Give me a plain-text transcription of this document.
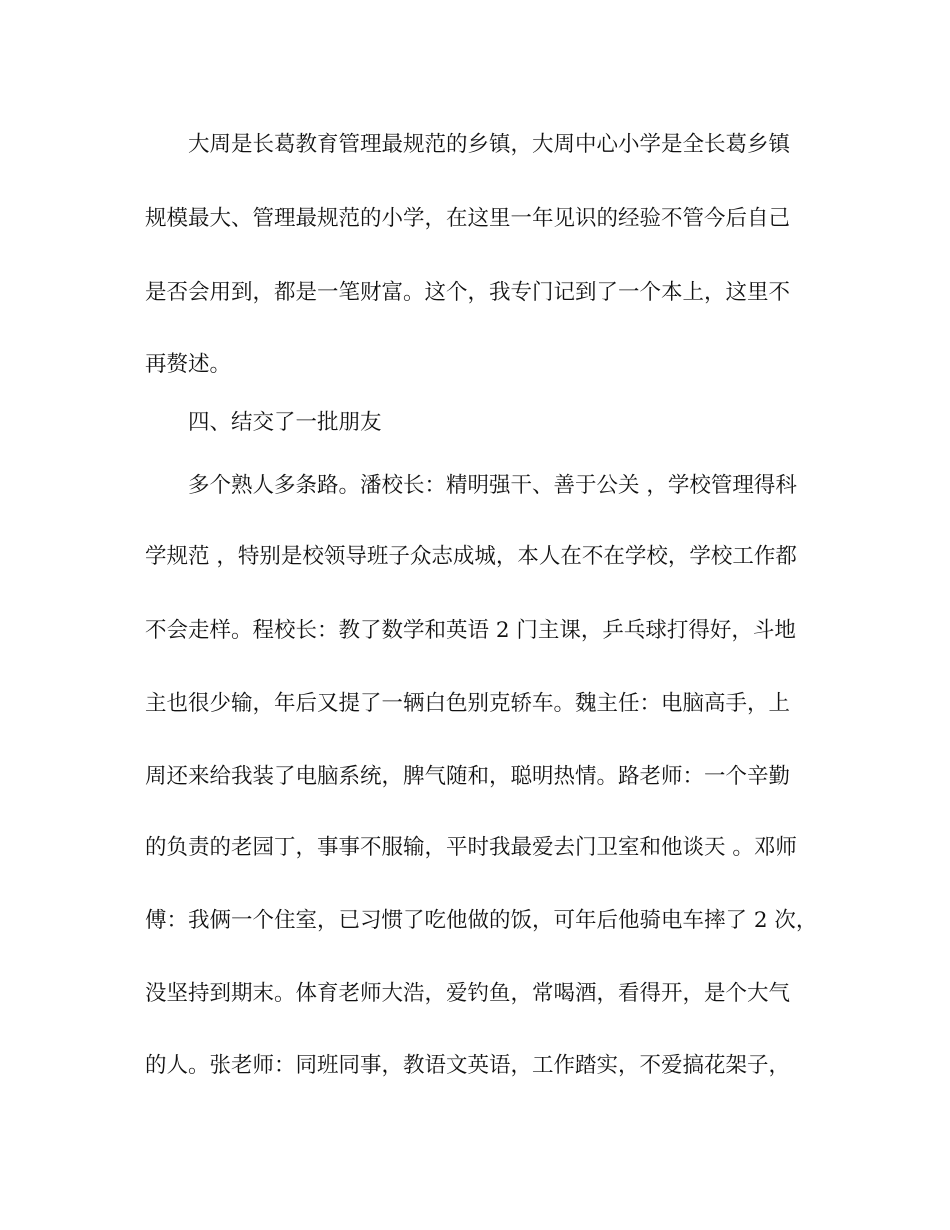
大周是长葛教育管理最规范的乡镇，大周中心小学是全长葛乡镇

规模最大、管理最规范的小学，在这里一年见识的经验不管今后自己

是否会用到，都是一笔财富。这个，我专门记到了一个本上，这里不

再赘述。

四、结交了一批朋友

多个熟人多条路。潘校长：精明强干、善于公关 ，学校管理得科

学规范 ，特别是校领导班子众志成城，本人在不在学校，学校工作都

不会走样。程校长：教了数学和英语 2 门主课，乒乓球打得好，斗地

主也很少输，年后又提了一辆白色别克轿车。魏主任：电脑高手，上

周还来给我装了电脑系统，脾气随和，聪明热情。路老师：一个辛勤

的负责的老园丁，事事不服输，平时我最爱去门卫室和他谈天 。邓师

傅：我俩一个住室，已习惯了吃他做的饭，可年后他骑电车摔了 2 次，

没坚持到期末。体育老师大浩，爱钓鱼，常喝酒，看得开，是个大气

的人。张老师：同班同事，教语文英语，工作踏实，不爱搞花架子，
